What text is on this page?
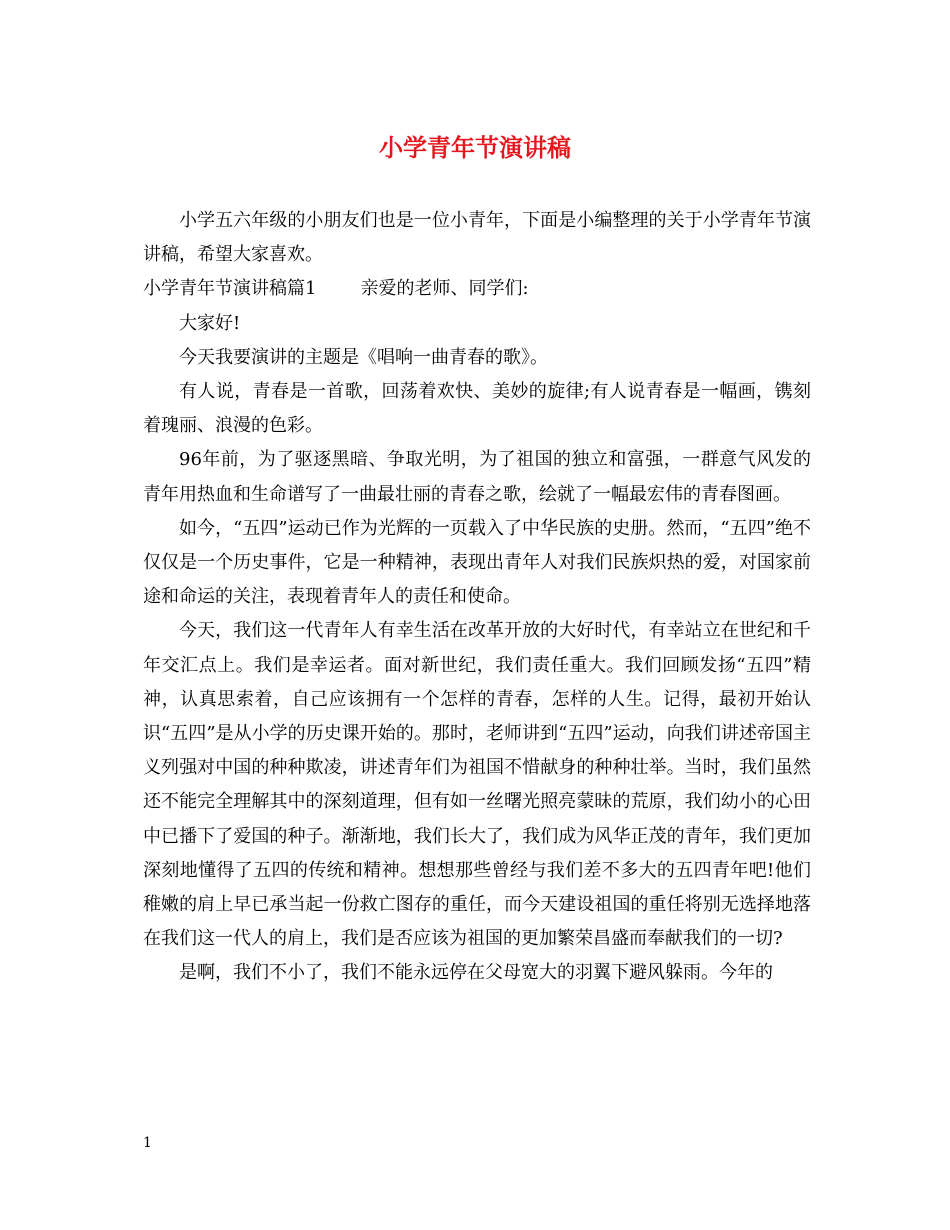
小学青年节演讲稿

小学五六年级的小朋友们也是一位小青年，下面是小编整理的关于小学青年节演讲稿，希望大家喜欢。

小学青年节演讲稿篇1 亲爱的老师、同学们:

大家好!

今天我要演讲的主题是《唱响一曲青春的歌》。

有人说，青春是一首歌，回荡着欢快、美妙的旋律;有人说青春是一幅画，镌刻着瑰丽、浪漫的色彩。

96年前，为了驱逐黑暗、争取光明，为了祖国的独立和富强，一群意气风发的青年用热血和生命谱写了一曲最壮丽的青春之歌，绘就了一幅最宏伟的青春图画。

如今，“五四”运动已作为光辉的一页载入了中华民族的史册。然而，“五四”绝不仅仅是一个历史事件，它是一种精神，表现出青年人对我们民族炽热的爱，对国家前途和命运的关注，表现着青年人的责任和使命。

今天，我们这一代青年人有幸生活在改革开放的大好时代，有幸站立在世纪和千年交汇点上。我们是幸运者。面对新世纪，我们责任重大。我们回顾发扬“五四”精神，认真思索着，自己应该拥有一个怎样的青春，怎样的人生。记得，最初开始认识“五四”是从小学的历史课开始的。那时，老师讲到“五四”运动，向我们讲述帝国主义列强对中国的种种欺凌，讲述青年们为祖国不惜献身的种种壮举。当时，我们虽然还不能完全理解其中的深刻道理，但有如一丝曙光照亮蒙昧的荒原，我们幼小的心田中已播下了爱国的种子。渐渐地，我们长大了，我们成为风华正茂的青年，我们更加深刻地懂得了五四的传统和精神。想想那些曾经与我们差不多大的五四青年吧!他们稚嫩的肩上早已承当起一份救亡图存的重任，而今天建设祖国的重任将别无选择地落在我们这一代人的肩上，我们是否应该为祖国的更加繁荣昌盛而奉献我们的一切?

是啊，我们不小了，我们不能永远停在父母宽大的羽翼下避风躲雨。今年的

1
